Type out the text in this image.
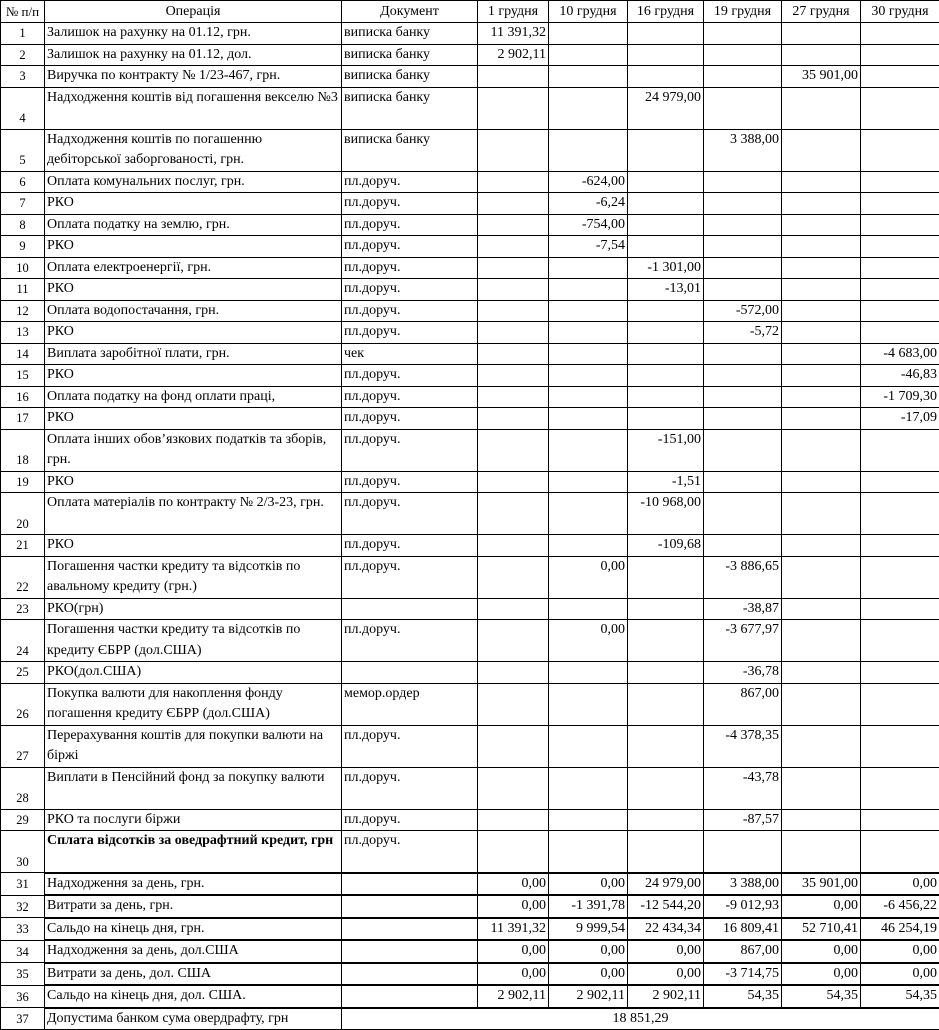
№ п/п	Операція	Документ	1 грудня	10 грудня	16 грудня	19 грудня	27 грудня	30 грудня
1	Залишок на рахунку на 01.12, грн.	виписка банку	11 391,32					
2	Залишок на рахунку на 01.12, дол.	виписка банку	2 902,11					
3	Виручка по контракту № 1/23-467, грн.	виписка банку					35 901,00	
4	Надходження коштів від погашення векселю №3	виписка банку			24 979,00			
5	Надходження коштів по погашенню дебіторської заборгованості, грн.	виписка банку				3 388,00		
6	Оплата комунальних послуг, грн.	пл.доруч.		-624,00				
7	РКО	пл.доруч.		-6,24				
8	Оплата податку на землю, грн.	пл.доруч.		-754,00				
9	РКО	пл.доруч.		-7,54				
10	Оплата електроенергії, грн.	пл.доруч.			-1 301,00			
11	РКО	пл.доруч.			-13,01			
12	Оплата водопостачання, грн.	пл.доруч.				-572,00		
13	РКО	пл.доруч.				-5,72		
14	Виплата заробітної плати, грн.	чек						-4 683,00
15	РКО	пл.доруч.						-46,83
16	Оплата податку на фонд оплати праці,	пл.доруч.						-1 709,30
17	РКО	пл.доруч.						-17,09
18	Оплата інших обов’язкових податків та зборів, грн.	пл.доруч.			-151,00			
19	РКО	пл.доруч.			-1,51			
20	Оплата матеріалів по контракту № 2/3-23, грн.	пл.доруч.			-10 968,00			
21	РКО	пл.доруч.			-109,68			
22	Погашення частки кредиту та відсотків по авальному кредиту (грн.)	пл.доруч.		0,00		-3 886,65		
23	РКО(грн)					-38,87		
24	Погашення частки кредиту та відсотків по кредиту ЄБРР (дол.США)	пл.доруч.		0,00		-3 677,97		
25	РКО(дол.США)					-36,78		
26	Покупка валюти для накоплення фонду погашення кредиту ЄБРР (дол.США)	мемор.ордер				867,00		
27	Перерахування коштів для покупки валюти на біржі	пл.доруч.				-4 378,35		
28	Виплати в Пенсійний фонд за покупку валюти	пл.доруч.				-43,78		
29	РКО та послуги біржи	пл.доруч.				-87,57		
30	Сплата відсотків за оведрафтний кредит, грн	пл.доруч.						
31	Надходження за день, грн.		0,00	0,00	24 979,00	3 388,00	35 901,00	0,00
32	Витрати за день, грн.		0,00	-1 391,78	-12 544,20	-9 012,93	0,00	-6 456,22
33	Сальдо на кінець дня, грн.		11 391,32	9 999,54	22 434,34	16 809,41	52 710,41	46 254,19
34	Надходження за день, дол.США		0,00	0,00	0,00	867,00	0,00	0,00
35	Витрати за день, дол. США		0,00	0,00	0,00	-3 714,75	0,00	0,00
36	Сальдо на кінець дня, дол. США.		2 902,11	2 902,11	2 902,11	54,35	54,35	54,35
37	Допустима банком сума овердрафту, грн	18 851,29						
